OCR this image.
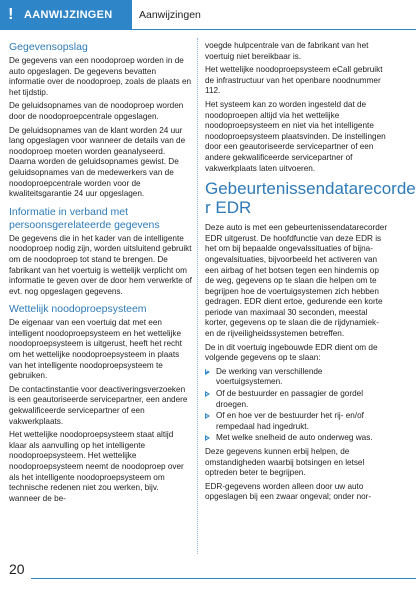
! AANWIJZINGEN	Aanwijzingen
Gegevensopslag

De gegevens van een noodoproep worden in de auto opgeslagen. De gegevens bevatten informatie over de noodoproep, zoals de plaats en het tijdstip.

De geluidsopnames van de noodoproep worden door de noodoproepcentrale opgeslagen.

De geluidsopnames van de klant worden 24 uur lang opgeslagen voor wanneer de details van de noodoproep moeten worden geanalyseerd. Daarna worden de geluidsopnames gewist. De geluidsopnames van de medewerkers van de noodoproepcentrale worden voor de kwaliteitsgarantie 24 uur opgeslagen.

Informatie in verband met persoonsgerelateerde gegevens

De gegevens die in het kader van de intelligente noodoproep nodig zijn, worden uitsluitend gebruikt om de noodoproep tot stand te brengen. De fabrikant van het voertuig is wettelijk verplicht om informatie te geven over de door hem verwerkte of evt. nog opgeslagen gegevens.

Wettelijk noodoproepsysteem

De eigenaar van een voertuig dat met een intelligent noodoproepsysteem en het wettelijke noodoproepsysteem is uitgerust, heeft het recht om het wettelijke noodoproepsysteem in plaats van het intelligente noodoproepsysteem te gebruiken.

De contactinstantie voor deactiveringsverzoeken is een geautoriseerde servicepartner, een andere gekwalificeerde servicepartner of een vakwerkplaats.

Het wettelijke noodoproepsysteem staat altijd klaar als aanvulling op het intelligente noodoproepsysteem. Het wettelijke noodoproepsysteem neemt de noodoproep over als het intelligente noodoproepsysteem om technische redenen niet zou werken, bijv. wanneer de be-

voegde hulpcentrale van de fabrikant van het voertuig niet bereikbaar is.

Het wettelijke noodoproepsysteem eCall gebruikt de infrastructuur van het openbare noodnummer 112.

Het systeem kan zo worden ingesteld dat de noodoproepen altijd via het wettelijke noodoproepsysteem en niet via het intelligente noodoproepsysteem plaatsvinden. De instellingen door een geautoriseerde servicepartner of een andere gekwalificeerde servicepartner of vakwerkplaats laten uitvoeren.

Gebeurtenissendatarecorde
r EDR

Deze auto is met een gebeurtenissendatarecorder EDR uitgerust. De hoofdfunctie van deze EDR is het om bij bepaalde ongevalssituaties of bijna-ongevalsituaties, bijvoorbeeld het activeren van een airbag of het botsen tegen een hindernis op de weg, gegevens op te slaan die helpen om te begrijpen hoe de voertuigsystemen zich hebben gedragen. EDR dient ertoe, gedurende een korte periode van maximaal 30 seconden, meestal korter, gegevens op te slaan die de rijdynamiek- en de rijveiligheidssystemen betreffen.

De in dit voertuig ingebouwde EDR dient om de volgende gegevens op te slaan:

De werking van verschillende voertuigsystemen.
Of de bestuurder en passagier de gordel droegen.
Of en hoe ver de bestuurder het rij- en/of rempedaal had ingedrukt.
Met welke snelheid de auto onderweg was.

Deze gegevens kunnen erbij helpen, de omstandigheden waarbij botsingen en letsel optreden beter te begrijpen.

EDR-gegevens worden alleen door uw auto opgeslagen bij een zwaar ongeval; onder nor-

20
